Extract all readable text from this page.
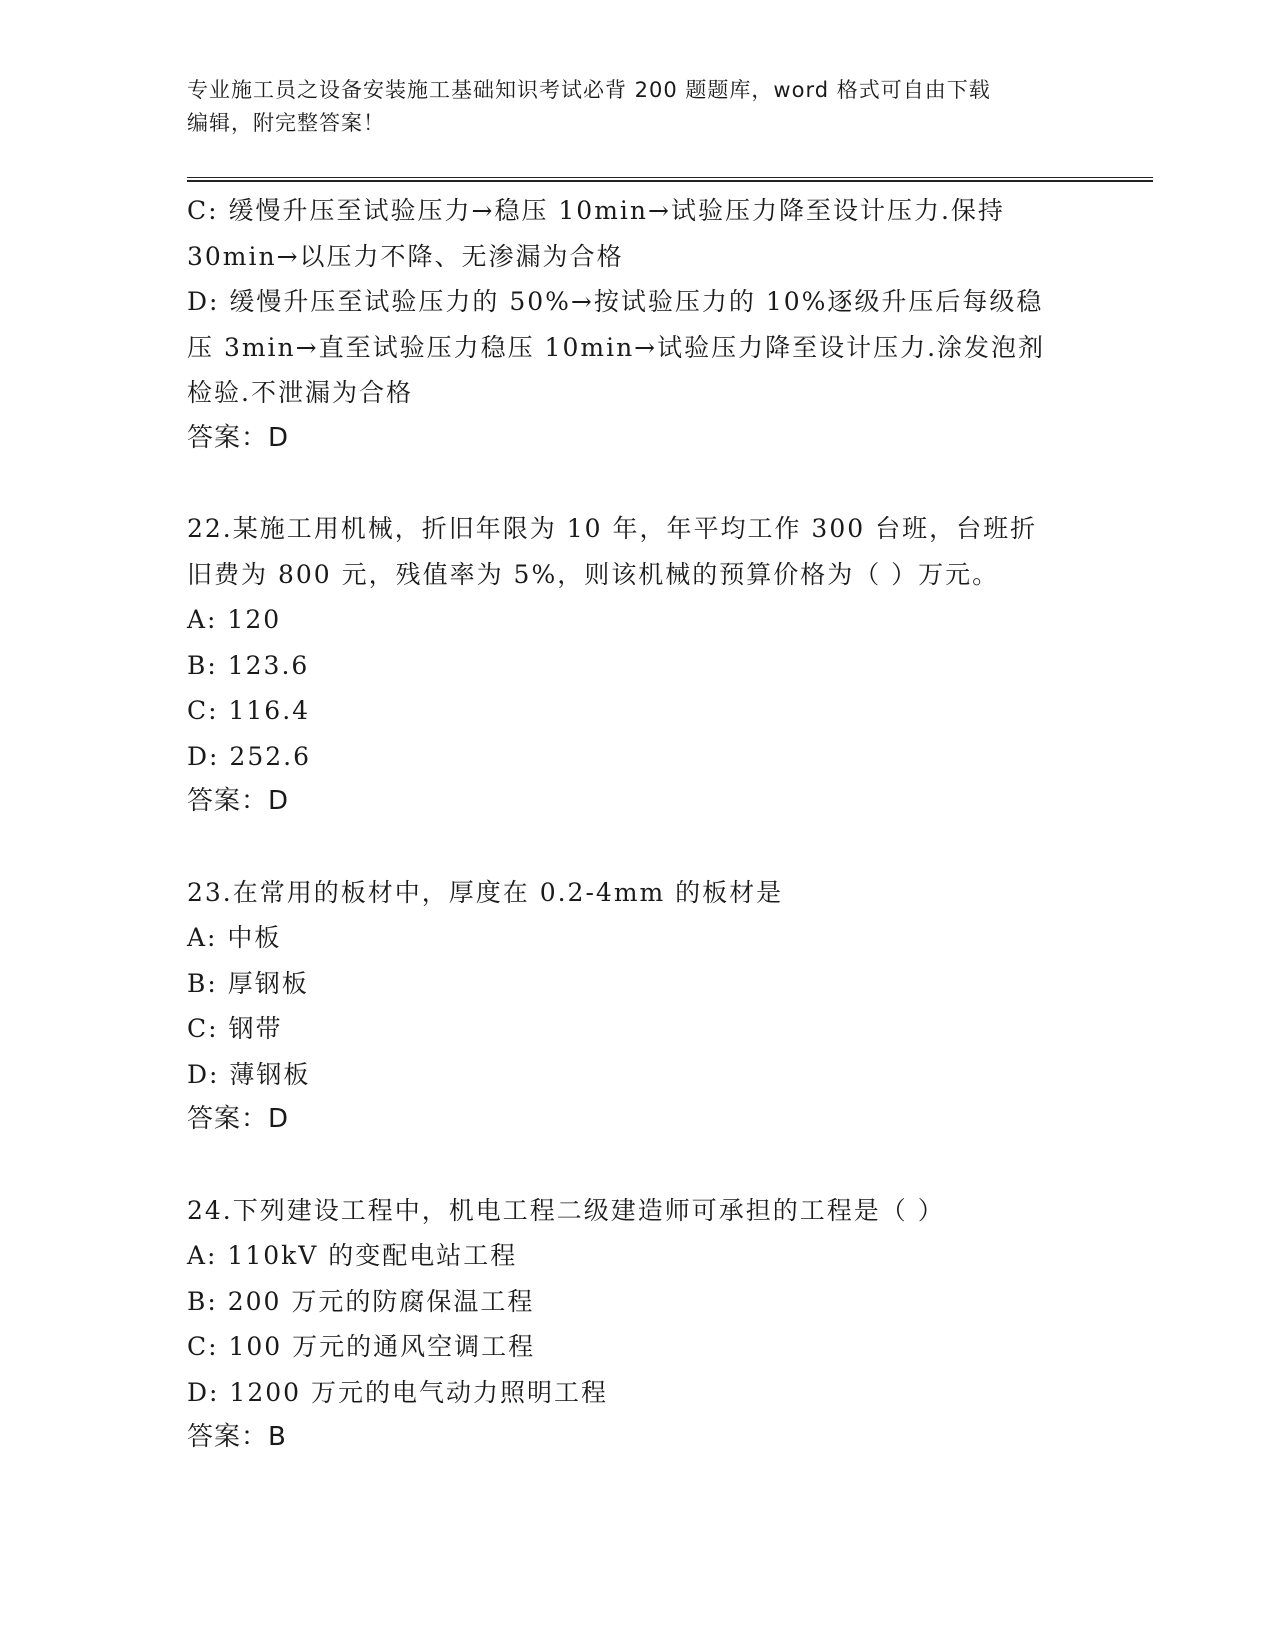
专业施工员之设备安装施工基础知识考试必背 200 题题库，word 格式可自由下载
编辑，附完整答案！
C: 缓慢升压至试验压力→稳压 10min→试验压力降至设计压力.保持
30min→以压力不降、无渗漏为合格
D: 缓慢升压至试验压力的 50%→按试验压力的 10%逐级升压后每级稳
压 3min→直至试验压力稳压 10min→试验压力降至设计压力.涂发泡剂
检验.不泄漏为合格
答案：D
22.某施工用机械，折旧年限为 10 年，年平均工作 300 台班，台班折
旧费为 800 元，残值率为 5%，则该机械的预算价格为（ ）万元。
A: 120
B: 123.6
C: 116.4
D: 252.6
答案：D
23.在常用的板材中，厚度在 0.2-4mm 的板材是
A: 中板
B: 厚钢板
C: 钢带
D: 薄钢板
答案：D
24.下列建设工程中，机电工程二级建造师可承担的工程是（ ）
A: 110kV 的变配电站工程
B: 200 万元的防腐保温工程
C: 100 万元的通风空调工程
D: 1200 万元的电气动力照明工程
答案：B
